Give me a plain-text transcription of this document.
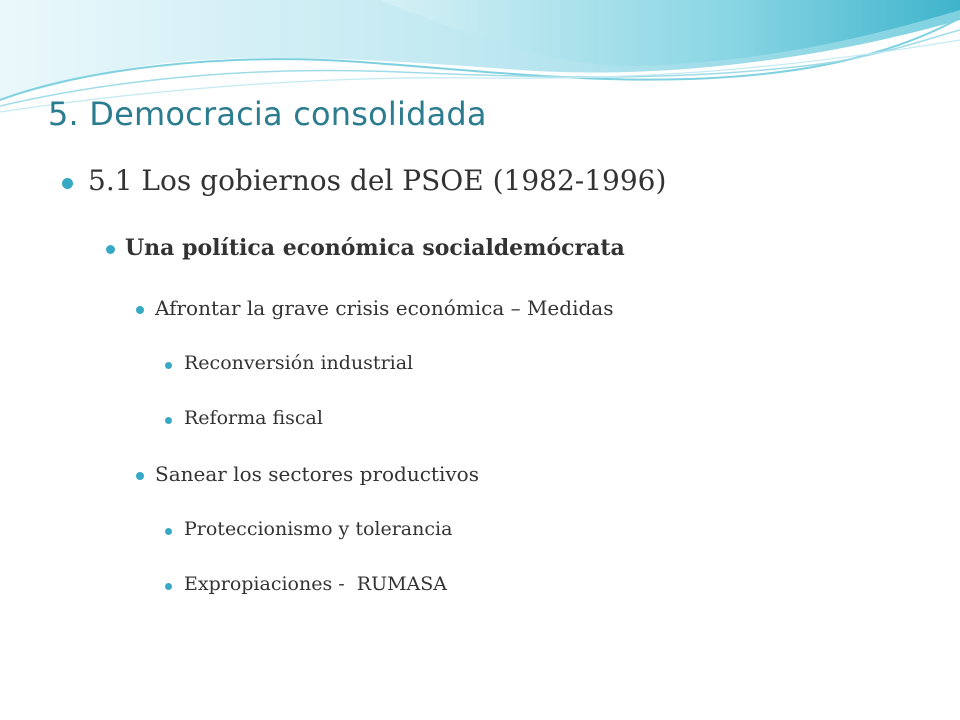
5. Democracia consolidada
5.1 Los gobiernos del PSOE (1982-1996)
Una política económica socialdemócrata
Afrontar la grave crisis económica – Medidas
Reconversión industrial
Reforma fiscal
Sanear los sectores productivos
Proteccionismo y tolerancia
Expropiaciones -  RUMASA
